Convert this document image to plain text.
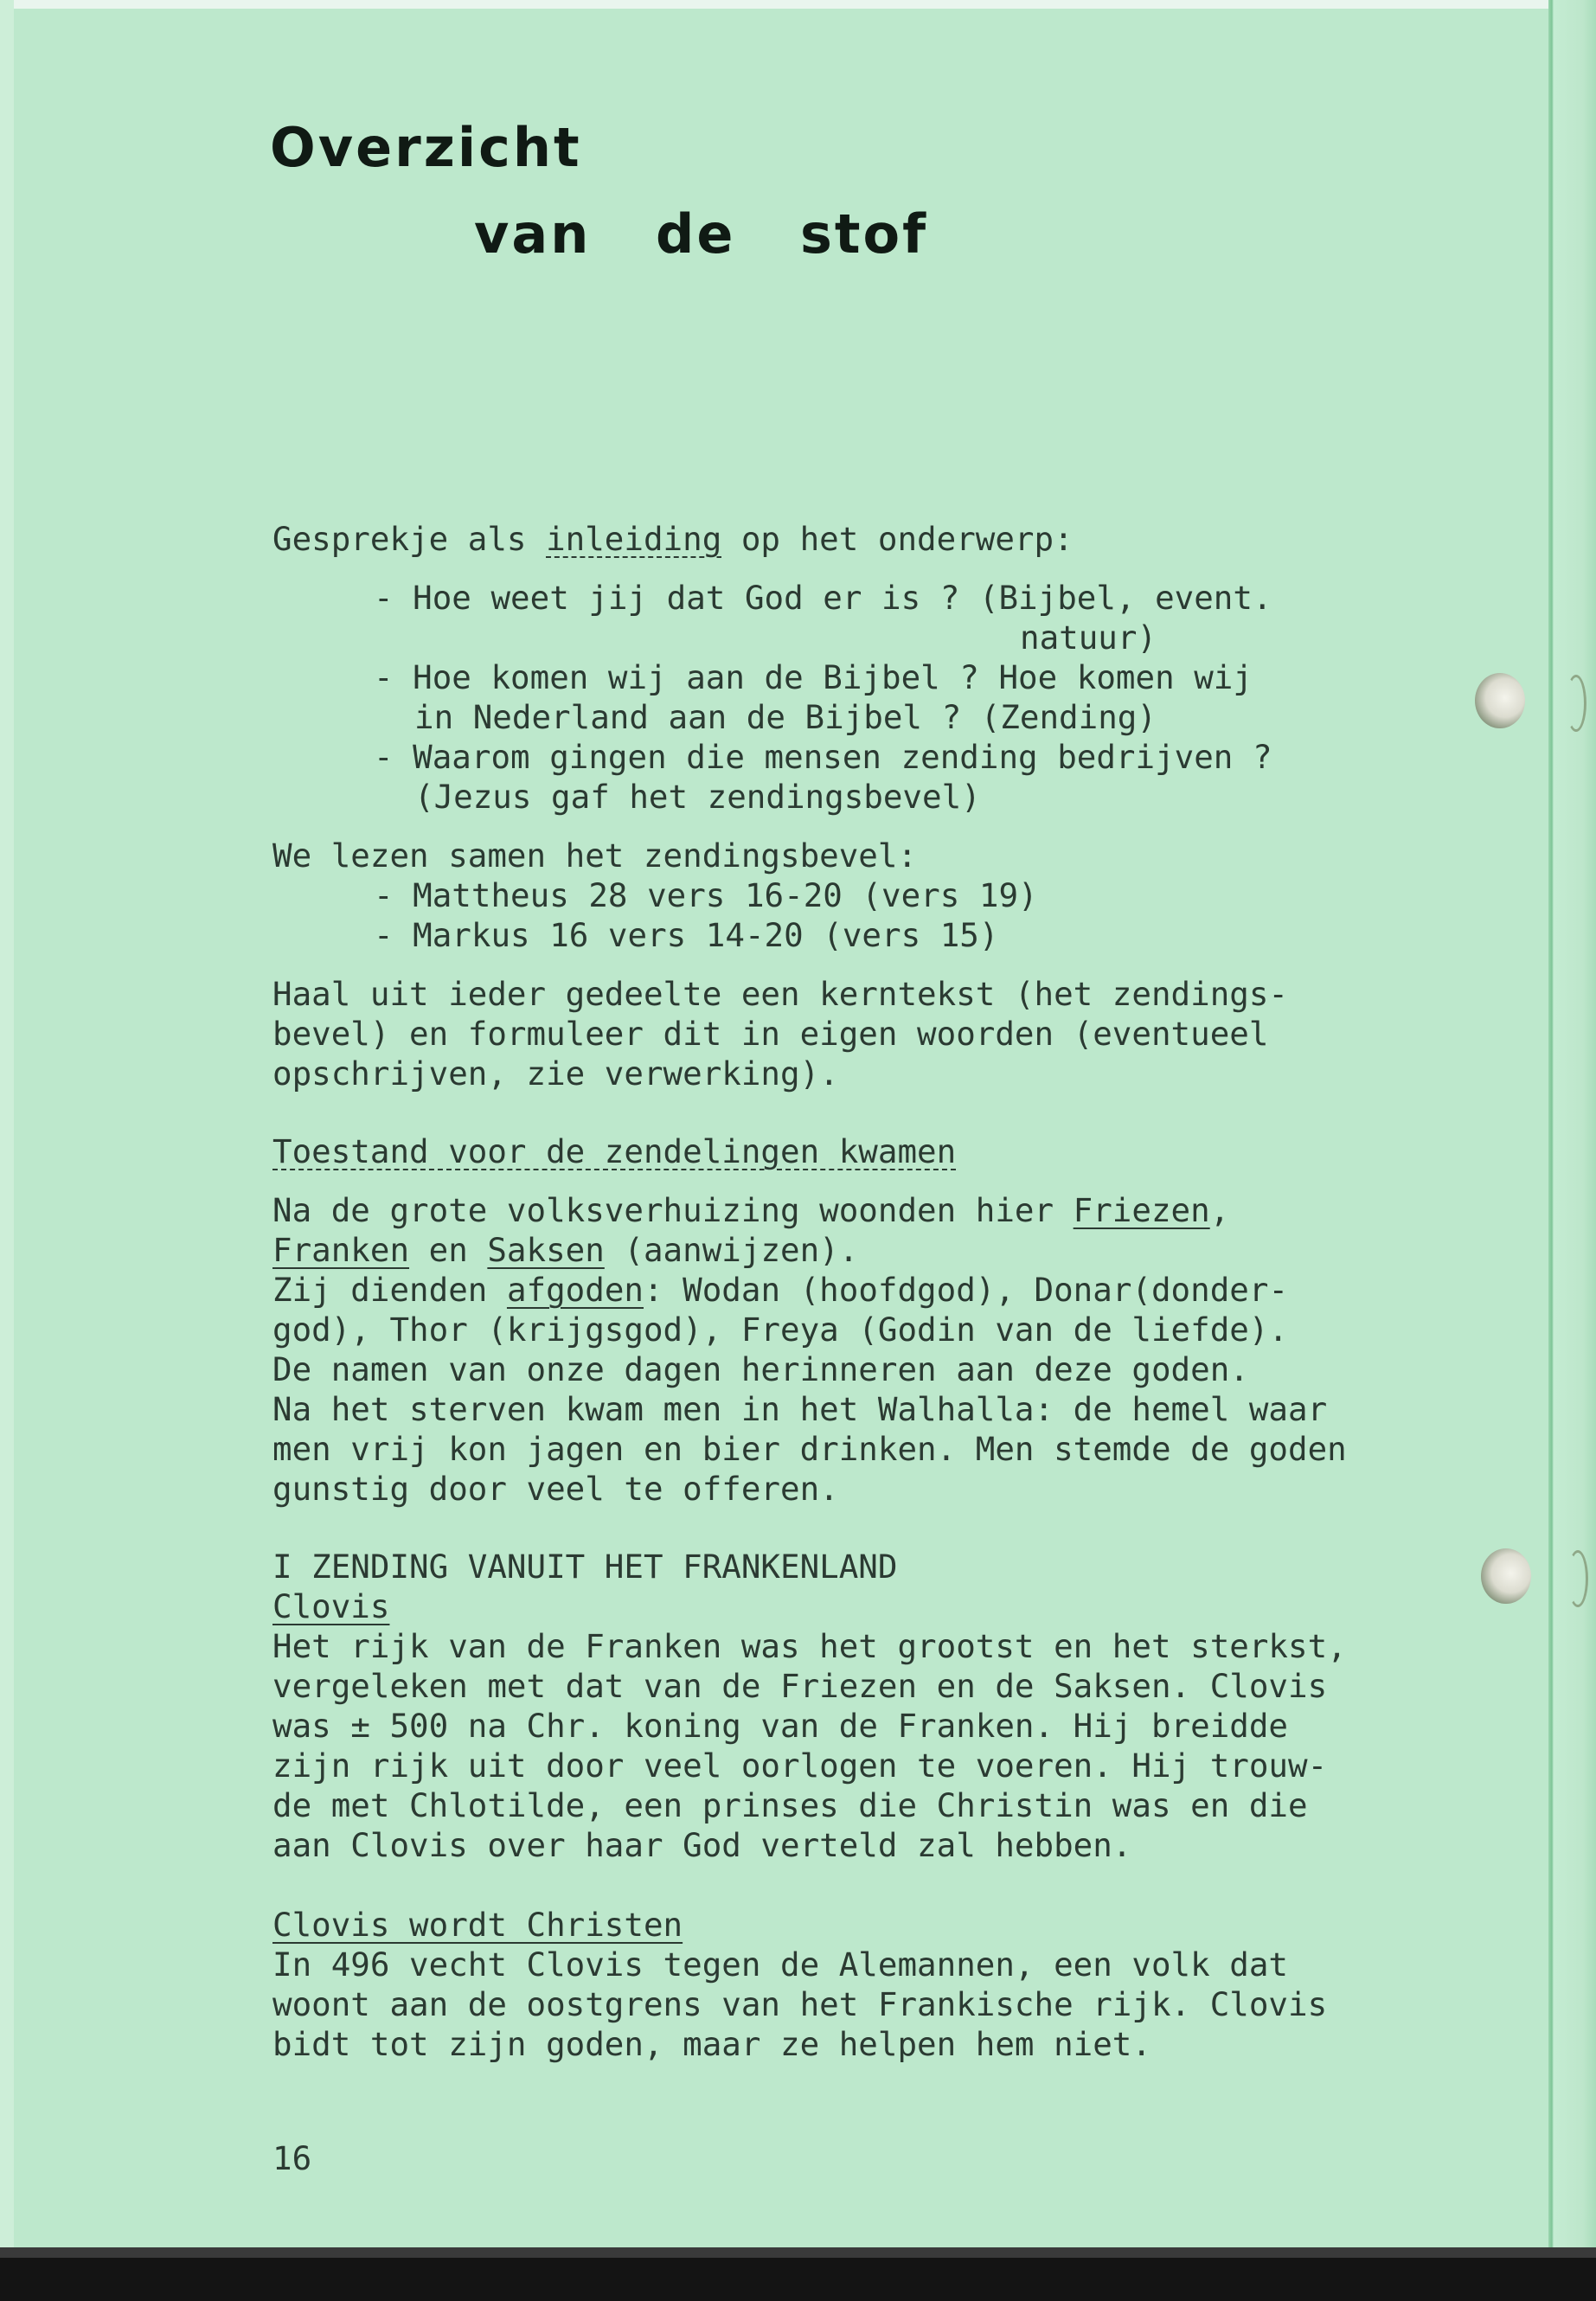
Overzicht
van de stof
Gesprekje als inleiding op het onderwerp:
- Hoe weet jij dat God er is ? (Bijbel, event.
natuur)
- Hoe komen wij aan de Bijbel ? Hoe komen wij
in Nederland aan de Bijbel ? (Zending)
- Waarom gingen die mensen zending bedrijven ?
(Jezus gaf het zendingsbevel)
We lezen samen het zendingsbevel:
- Mattheus 28 vers 16-20 (vers 19)
- Markus 16 vers 14-20 (vers 15)
Haal uit ieder gedeelte een kerntekst (het zendings-
bevel) en formuleer dit in eigen woorden (eventueel
opschrijven, zie verwerking).
Toestand voor de zendelingen kwamen
Na de grote volksverhuizing woonden hier Friezen,
Franken en Saksen (aanwijzen).
Zij dienden afgoden: Wodan (hoofdgod), Donar(donder-
god), Thor (krijgsgod), Freya (Godin van de liefde).
De namen van onze dagen herinneren aan deze goden.
Na het sterven kwam men in het Walhalla: de hemel waar
men vrij kon jagen en bier drinken. Men stemde de goden
gunstig door veel te offeren.
I ZENDING VANUIT HET FRANKENLAND
Clovis
Het rijk van de Franken was het grootst en het sterkst,
vergeleken met dat van de Friezen en de Saksen. Clovis
was ± 500 na Chr. koning van de Franken. Hij breidde
zijn rijk uit door veel oorlogen te voeren. Hij trouw-
de met Chlotilde, een prinses die Christin was en die
aan Clovis over haar God verteld zal hebben.
Clovis wordt Christen
In 496 vecht Clovis tegen de Alemannen, een volk dat
woont aan de oostgrens van het Frankische rijk. Clovis
bidt tot zijn goden, maar ze helpen hem niet.
16
